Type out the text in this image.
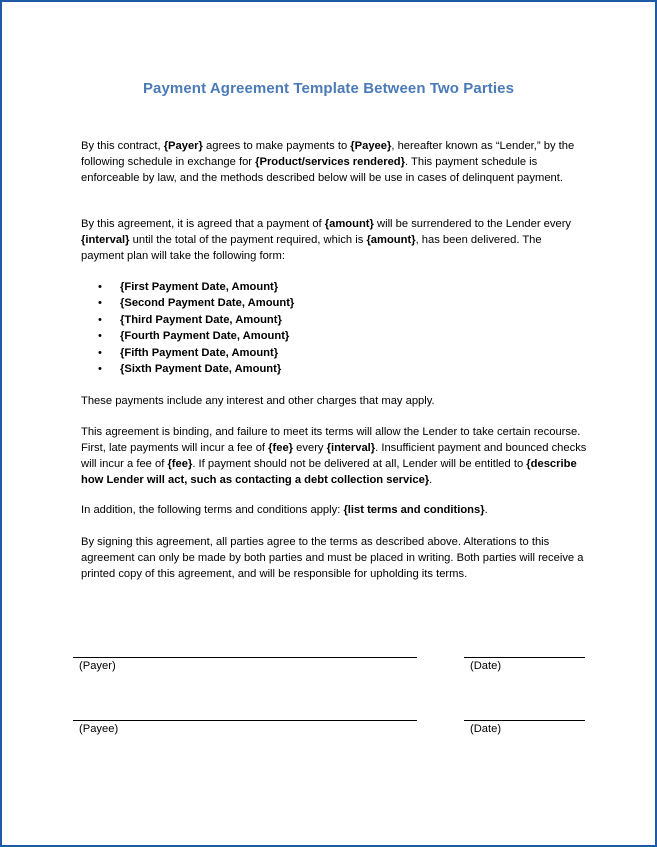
Payment Agreement Template Between Two Parties

By this contract, {Payer} agrees to make payments to {Payee}, hereafter known as “Lender,” by the following schedule in exchange for {Product/services rendered}. This payment schedule is enforceable by law, and the methods described below will be use in cases of delinquent payment.

By this agreement, it is agreed that a payment of {amount} will be surrendered to the Lender every {interval} until the total of the payment required, which is {amount}, has been delivered. The payment plan will take the following form:

• {First Payment Date, Amount}
• {Second Payment Date, Amount}
• {Third Payment Date, Amount}
• {Fourth Payment Date, Amount}
• {Fifth Payment Date, Amount}
• {Sixth Payment Date, Amount}

These payments include any interest and other charges that may apply.

This agreement is binding, and failure to meet its terms will allow the Lender to take certain recourse. First, late payments will incur a fee of {fee} every {interval}. Insufficient payment and bounced checks will incur a fee of {fee}. If payment should not be delivered at all, Lender will be entitled to {describe how Lender will act, such as contacting a debt collection service}.

In addition, the following terms and conditions apply: {list terms and conditions}.

By signing this agreement, all parties agree to the terms as described above. Alterations to this agreement can only be made by both parties and must be placed in writing. Both parties will receive a printed copy of this agreement, and will be responsible for upholding its terms.

(Payer)	(Date)
(Payee)	(Date)
